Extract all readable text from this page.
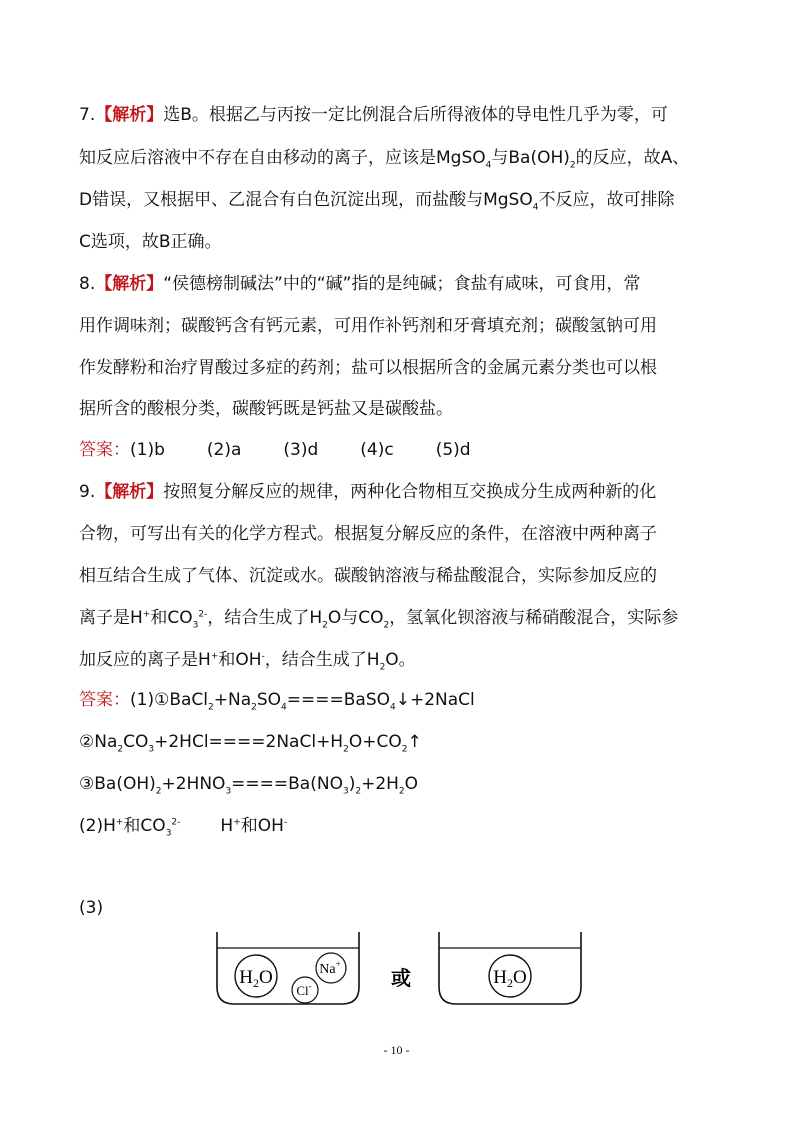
7.【解析】选B。根据乙与丙按一定比例混合后所得液体的导电性几乎为零，可
知反应后溶液中不存在自由移动的离子，应该是MgSO$_4$与$Ba(OH)_2$的反应，故A、
D错误，又根据甲、乙混合有白色沉淀出现，而盐酸与MgSO$_4$不反应，故可排除
C选项，故B正确。
8.【解析】“侯德榜制碱法”中的“碱”指的是纯碱；食盐有咸味，可食用，常
用作调味剂；碳酸钙含有钙元素，可用作补钙剂和牙膏填充剂；碳酸氢钠可用
作发酵粉和治疗胃酸过多症的药剂；盐可以根据所含的金属元素分类也可以根
据所含的酸根分类，碳酸钙既是钙盐又是碳酸盐。
答案：(1)b (2)a (3)d (4)c (5)d
9.【解析】按照复分解反应的规律，两种化合物相互交换成分生成两种新的化
合物，可写出有关的化学方程式。根据复分解反应的条件，在溶液中两种离子
相互结合生成了气体、沉淀或水。碳酸钠溶液与稀盐酸混合，实际参加反应的
离子是H+和$CO_3^{2-}$，结合生成了$H_2O$与$CO_2$，氢氧化钡溶液与稀硝酸混合，实际参
加反应的离子是H+和OH-，结合生成了$H_2O$。
答案：$(1)①BaCl_2+Na_2SO_4====BaSO_4↓+2NaCl$
$②Na_2CO_3+2HCl====2NaCl+H_2O+CO_2↑$
$③Ba(OH)_2+2HNO_3====Ba(NO_3)_2+2H_2O$
(2)H+和$CO_3^{2-}$ H+和OH-
(3)
$H_2O$	Na+
Cl-	或	$H_2O$
- 10 -
